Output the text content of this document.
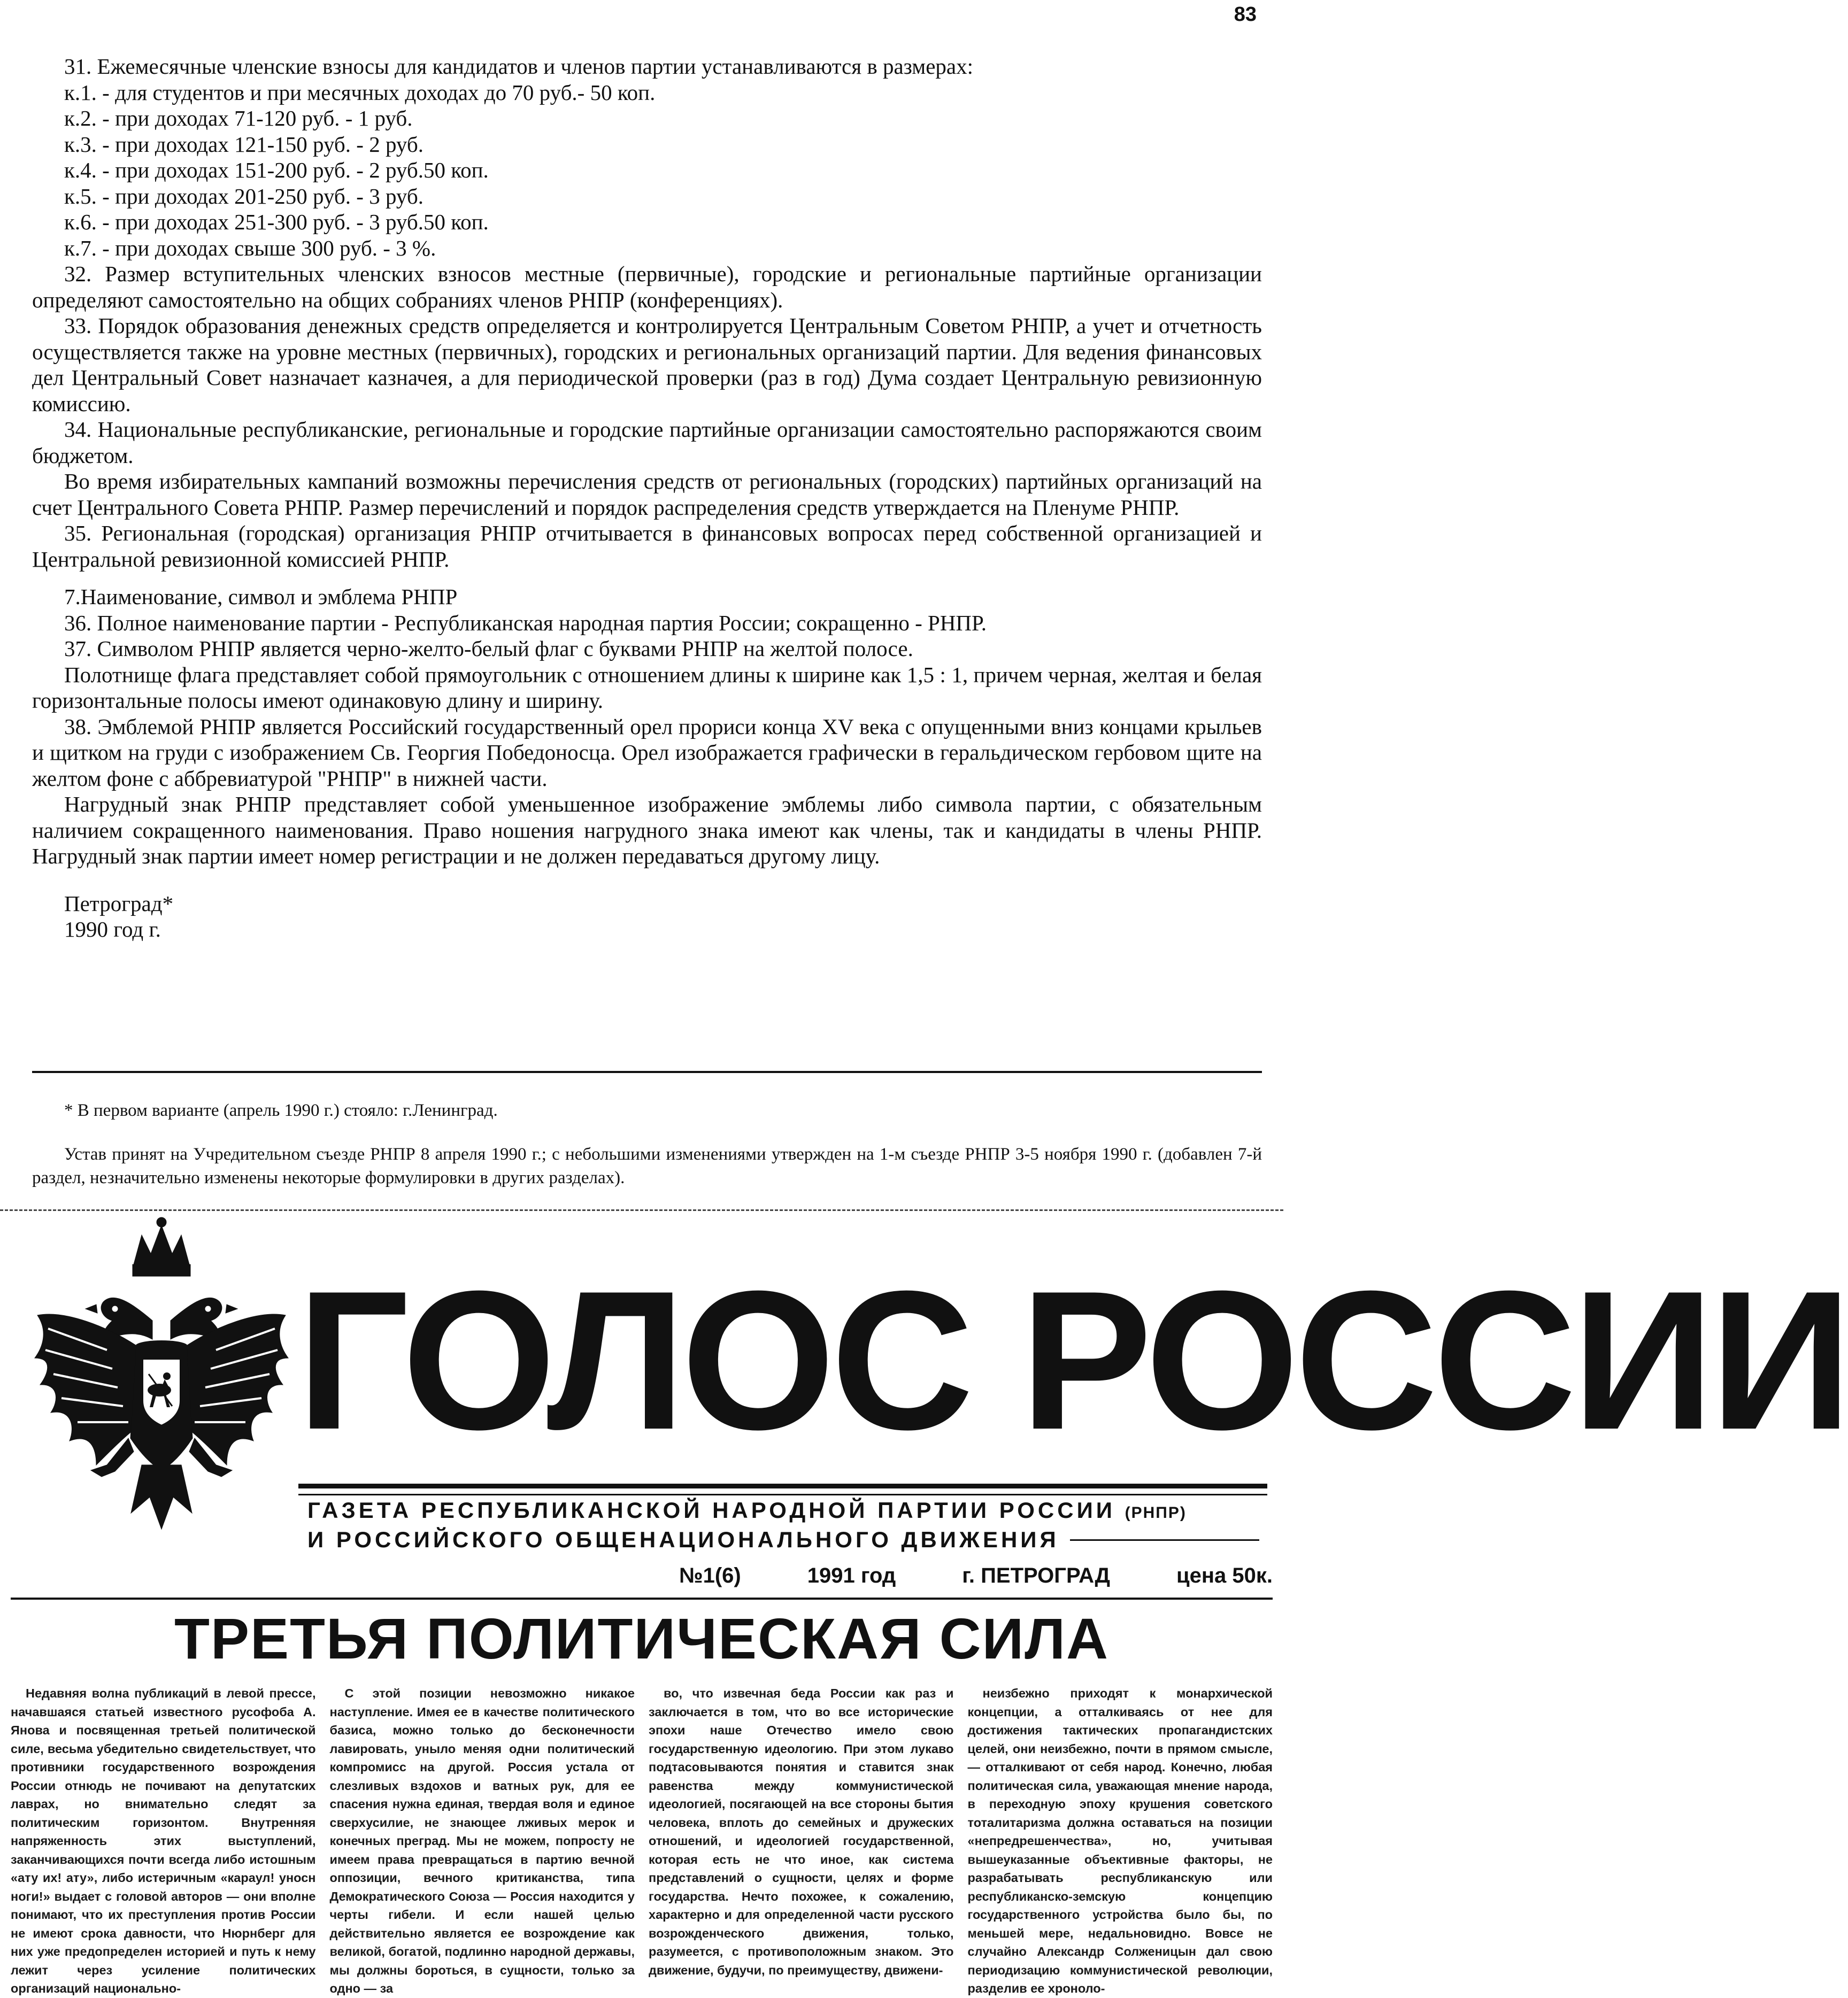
83

31. Ежемесячные членские взносы для кандидатов и членов партии устанавливаются в размерах:

к.1. - для студентов и при месячных доходах до 70 руб.- 50 коп.

к.2. - при доходах 71-120 руб. - 1 руб.

к.3. - при доходах 121-150 руб. - 2 руб.

к.4. - при доходах 151-200 руб. - 2 руб.50 коп.

к.5. - при доходах 201-250 руб. - 3 руб.

к.6. - при доходах 251-300 руб. - 3 руб.50 коп.

к.7. - при доходах свыше 300 руб. - 3 %.

32. Размер вступительных членских взносов местные (первичные), городские и региональные партийные организации определяют самостоятельно на общих собраниях членов РНПР (конференциях).

33. Порядок образования денежных средств определяется и контролируется Центральным Советом РНПР, а учет и отчетность осуществляется также на уровне местных (первичных), городских и региональных организаций партии. Для ведения финансовых дел Центральный Совет назначает казначея, а для периодической проверки (раз в год) Дума создает Центральную ревизионную комиссию.

34. Национальные республиканские, региональные и городские партийные организации самостоятельно распоряжаются своим бюджетом.

Во время избирательных кампаний возможны перечисления средств от региональных (городских) партийных организаций на счет Центрального Совета РНПР. Размер перечислений и порядок распределения средств утверждается на Пленуме РНПР.

35. Региональная (городская) организация РНПР отчитывается в финансовых вопросах перед собственной организацией и Центральной ревизионной комиссией РНПР.

7.Наименование, символ и эмблема РНПР

36. Полное наименование партии - Республиканская народная партия России; сокращенно - РНПР.

37. Символом РНПР является черно-желто-белый флаг с буквами РНПР на желтой полосе.

Полотнище флага представляет собой прямоугольник с отношением длины к ширине как 1,5 : 1, причем черная, желтая и белая горизонтальные полосы имеют одинаковую длину и ширину.

38. Эмблемой РНПР является Российский государственный орел прориси конца XV века с опущенными вниз концами крыльев и щитком на груди с изображением Св. Георгия Победоносца. Орел изображается графически в геральдическом гербовом щите на желтом фоне с аббревиатурой "РНПР" в нижней части.

Нагрудный знак РНПР представляет собой уменьшенное изображение эмблемы либо символа партии, с обязательным наличием сокращенного наименования. Право ношения нагрудного знака имеют как члены, так и кандидаты в члены РНПР. Нагрудный знак партии имеет номер регистрации и не должен передаваться другому лицу.

Петроград*
1990 год г.

* В первом варианте (апрель 1990 г.) стояло: г.Ленинград.

Устав принят на Учредительном съезде РНПР 8 апреля 1990 г.; с небольшими изменениями утвержден на 1-м съезде РНПР 3-5 ноября 1990 г. (добавлен 7-й раздел, незначительно изменены некоторые формулировки в других разделах).

ГОЛОС РОССИИ
ГАЗЕТА РЕСПУБЛИКАНСКОЙ НАРОДНОЙ ПАРТИИ РОССИИ (РНПР)
И РОССИЙСКОГО ОБЩЕНАЦИОНАЛЬНОГО ДВИЖЕНИЯ
№1(6)	1991 год	г. ПЕТРОГРАД	цена 50к.
ТРЕТЬЯ ПОЛИТИЧЕСКАЯ СИЛА

Недавняя волна публикаций в левой прессе, начавшаяся статьей известного русофоба А. Янова и посвященная третьей политической силе, весьма убедительно свидетельствует, что противники государственного возрождения России отнюдь не почивают на депутатских лаврах, но внимательно следят за политическим горизонтом. Внутренняя напряженность этих выступлений, заканчивающихся почти всегда либо истошным «ату их! ату», либо истеричным «караул! уносн ноги!» выдает с головой авторов — они вполне понимают, что их преступления против России не имеют срока давности, что Нюрнберг для них уже предопределен историей и путь к нему лежит через усиление политических организаций национально-

С этой позиции невозможно никакое наступление. Имея ее в качестве политического базиса, можно только до бесконечности лавировать, уныло меняя одни политический компромисс на другой. Россия устала от слезливых вздохов и ватных рук, для ее спасения нужна единая, твердая воля и единое сверхусилие, не знающее лживых мерок и конечных преград. Мы не можем, попросту не имеем права превращаться в партию вечной оппозиции, вечного критиканства, типа Демократического Союза — Россия находится у черты гибели. И если нашей целью действительно является ее возрождение как великой, богатой, подлинно народной державы, мы должны бороться, в сущности, только за одно — за

во, что извечная беда России как раз и заключается в том, что во все исторические эпохи наше Отечество имело свою государственную идеологию. При этом лукаво подтасовываются понятия и ставится знак равенства между коммунистической идеологией, посягающей на все стороны бытия человека, вплоть до семейных и дружеских отношений, и идеологией государственной, которая есть не что иное, как система представлений о сущности, целях и форме государства. Нечто похожее, к сожалению, характерно и для определенной части русского возрожденческого движения, только, разумеется, с противоположным знаком. Это движение, будучи, по преимуществу, движени-

неизбежно приходят к монархической концепции, а отталкиваясь от нее для достижения тактических пропагандистских целей, они неизбежно, почти в прямом смысле, — отталкивают от себя народ. Конечно, любая политическая сила, уважающая мнение народа, в переходную эпоху крушения советского тоталитаризма должна оставаться на позиции «непредрешенчества», но, учитывая вышеуказанные объективные факторы, не разрабатывать республиканскую или республиканско-земскую концепцию государственного устройства было бы, по меньшей мере, недальновидно. Вовсе не случайно Александр Солженицын дал свою периодизацию коммунистической революции, разделив ее хроноло-
